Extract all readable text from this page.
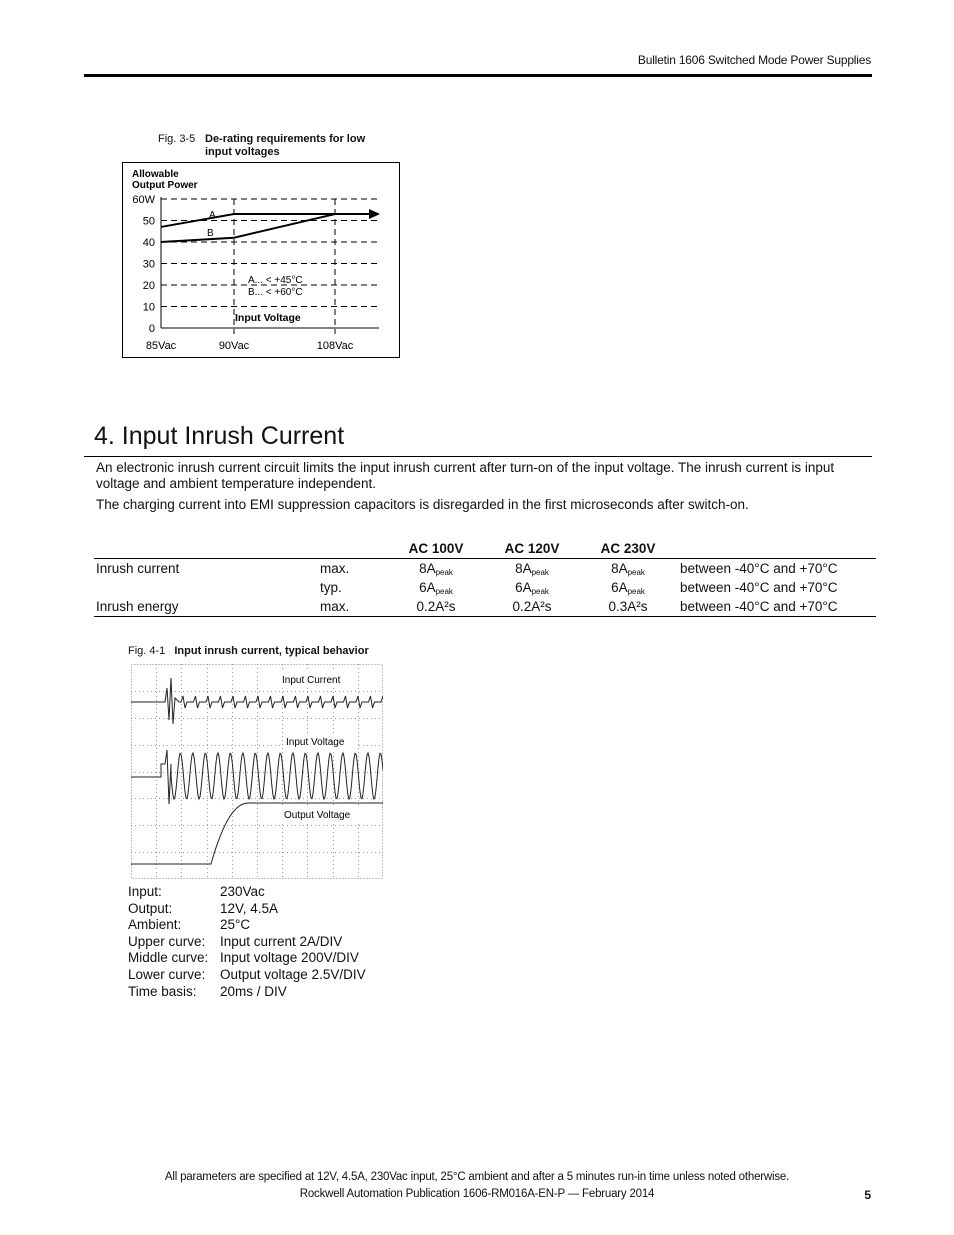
Bulletin 1606 Switched Mode Power Supplies
Fig. 3-5 De-rating requirements for low input voltages
Allowable
Output Power
60W
50
40
30
20
10
0
85Vac	90Vac	108Vac
A
B
A... < +45°C
B... < +60°C
Input Voltage
4. Input Inrush Current
An electronic inrush current circuit limits the input inrush current after turn-on of the input voltage. The inrush current is input voltage and ambient temperature independent.
The charging current into EMI suppression capacitors is disregarded in the first microseconds after switch-on.
		AC 100V	AC 120V	AC 230V	
Inrush current	max.	8Apeak	8Apeak	8Apeak	between -40°C and +70°C
	typ.	6Apeak	6Apeak	6Apeak	between -40°C and +70°C
Inrush energy	max.	0.2A²s	0.2A²s	0.3A²s	between -40°C and +70°C
Fig. 4-1 Input inrush current, typical behavior
Input Current
Input Voltage
Output Voltage
Input:	230Vac
Output:	12V, 4.5A
Ambient:	25°C
Upper curve:	Input current 2A/DIV
Middle curve: Input voltage 200V/DIV
Lower curve:	Output voltage 2.5V/DIV
Time basis:	20ms / DIV
All parameters are specified at 12V, 4.5A, 230Vac input, 25°C ambient and after a 5 minutes run-in time unless noted otherwise.
Rockwell Automation Publication 1606-RM016A-EN-P — February 2014	5
